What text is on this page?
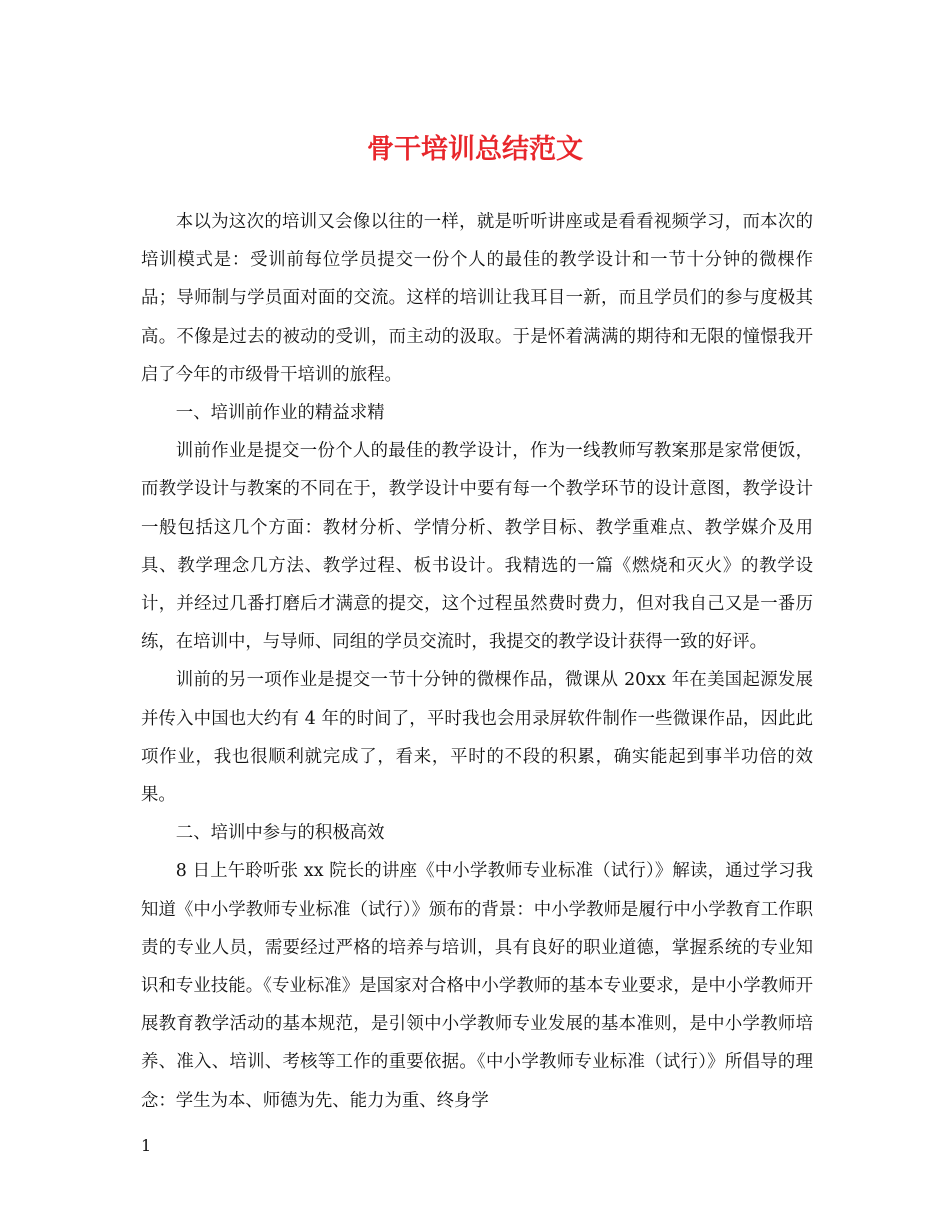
骨干培训总结范文

本以为这次的培训又会像以往的一样，就是听听讲座或是看看视频学习，而本次的培训模式是：受训前每位学员提交一份个人的最佳的教学设计和一节十分钟的微棵作品；导师制与学员面对面的交流。这样的培训让我耳目一新，而且学员们的参与度极其高。不像是过去的被动的受训，而主动的汲取。于是怀着满满的期待和无限的憧憬我开启了今年的市级骨干培训的旅程。

一、培训前作业的精益求精

训前作业是提交一份个人的最佳的教学设计，作为一线教师写教案那是家常便饭，而教学设计与教案的不同在于，教学设计中要有每一个教学环节的设计意图，教学设计一般包括这几个方面：教材分析、学情分析、教学目标、教学重难点、教学媒介及用具、教学理念几方法、教学过程、板书设计。我精选的一篇《燃烧和灭火》的教学设计，并经过几番打磨后才满意的提交，这个过程虽然费时费力，但对我自己又是一番历练，在培训中，与导师、同组的学员交流时，我提交的教学设计获得一致的好评。

训前的另一项作业是提交一节十分钟的微棵作品，微课从 20xx 年在美国起源发展并传入中国也大约有 4 年的时间了，平时我也会用录屏软件制作一些微课作品，因此此项作业，我也很顺利就完成了，看来，平时的不段的积累，确实能起到事半功倍的效果。

二、培训中参与的积极高效

8 日上午聆听张 xx 院长的讲座《中小学教师专业标准（试行）》解读，通过学习我知道《中小学教师专业标准（试行）》颁布的背景：中小学教师是履行中小学教育工作职责的专业人员，需要经过严格的培养与培训，具有良好的职业道德，掌握系统的专业知识和专业技能。《专业标准》是国家对合格中小学教师的基本专业要求，是中小学教师开展教育教学活动的基本规范，是引领中小学教师专业发展的基本准则，是中小学教师培养、准入、培训、考核等工作的重要依据。《中小学教师专业标准（试行）》所倡导的理念：学生为本、师德为先、能力为重、终身学

1
